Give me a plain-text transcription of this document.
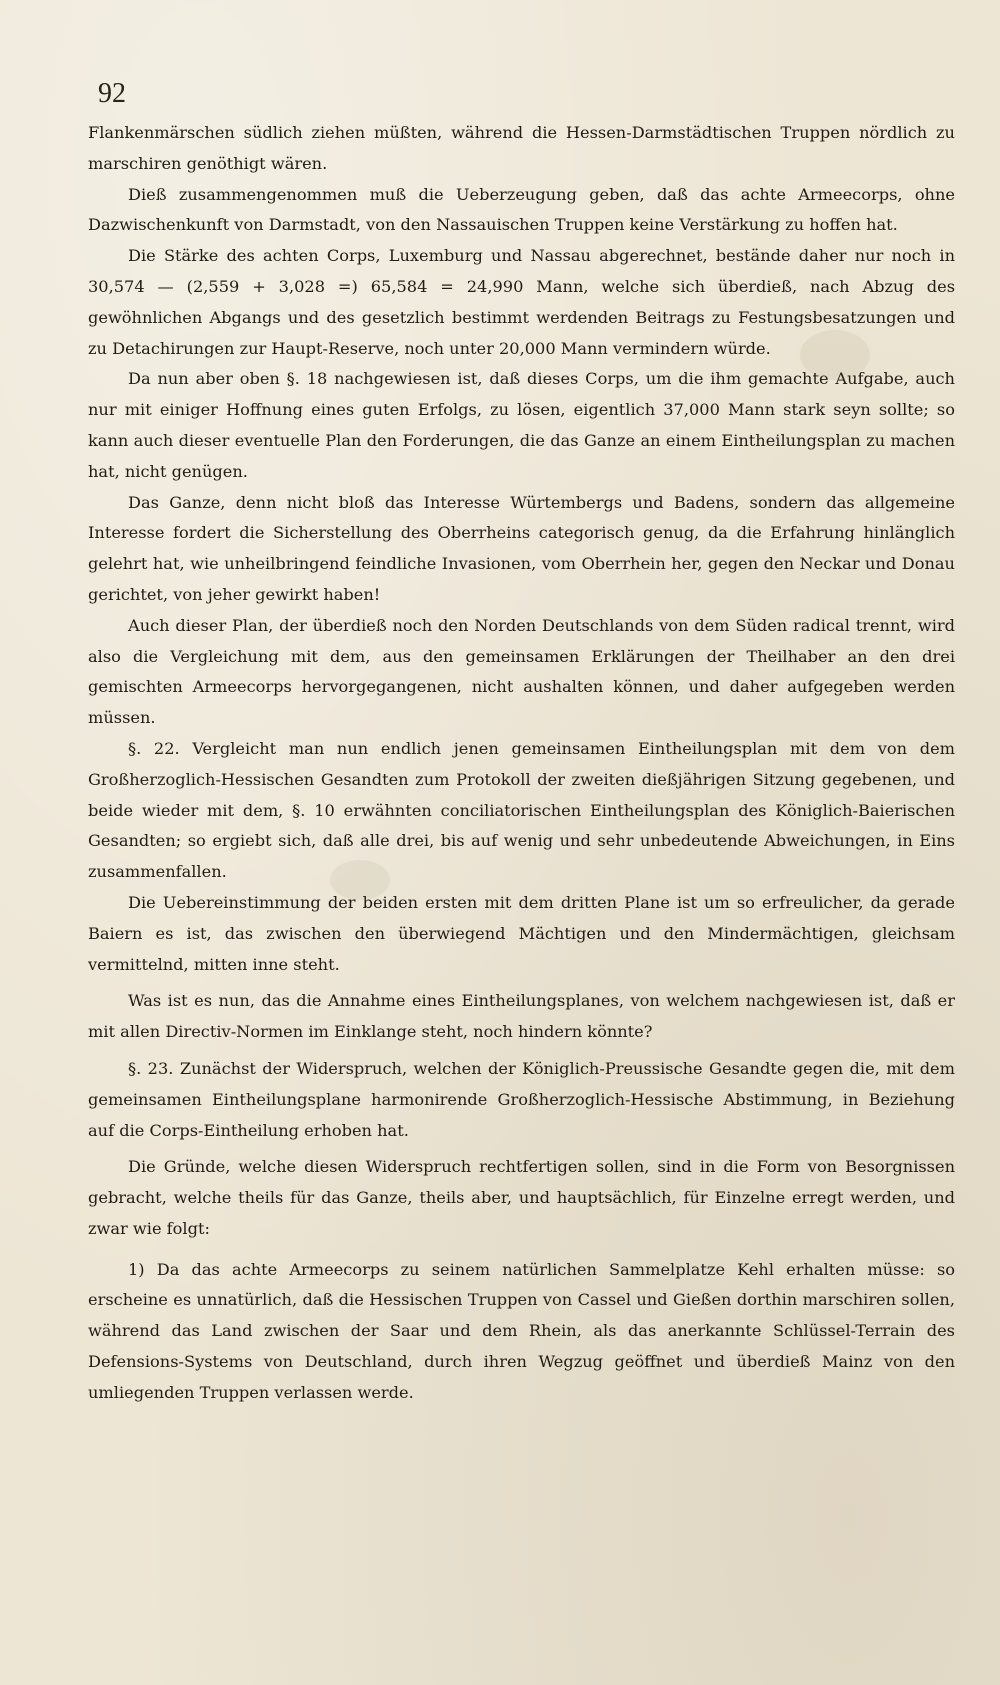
92

Flankenmärschen südlich ziehen müßten, während die Hessen-Darmstädtischen Truppen nördlich zu marschiren genöthigt wären.

Dieß zusammengenommen muß die Ueberzeugung geben, daß das achte Armeecorps, ohne Dazwischenkunft von Darmstadt, von den Nassauischen Truppen keine Verstärkung zu hoffen hat.

Die Stärke des achten Corps, Luxemburg und Nassau abgerechnet, bestände daher nur noch in 30,574 — (2,559 + 3,028 =) 65,584 = 24,990 Mann, welche sich überdieß, nach Abzug des gewöhnlichen Abgangs und des gesetzlich bestimmt werdenden Beitrags zu Festungsbesatzungen und zu Detachirungen zur Haupt-Reserve, noch unter 20,000 Mann vermindern würde.

Da nun aber oben §. 18 nachgewiesen ist, daß dieses Corps, um die ihm gemachte Aufgabe, auch nur mit einiger Hoffnung eines guten Erfolgs, zu lösen, eigentlich 37,000 Mann stark seyn sollte; so kann auch dieser eventuelle Plan den Forderungen, die das Ganze an einem Eintheilungsplan zu machen hat, nicht genügen.

Das Ganze, denn nicht bloß das Interesse Würtembergs und Badens, sondern das allgemeine Interesse fordert die Sicherstellung des Oberrheins categorisch genug, da die Erfahrung hinlänglich gelehrt hat, wie unheilbringend feindliche Invasionen, vom Oberrhein her, gegen den Neckar und Donau gerichtet, von jeher gewirkt haben!

Auch dieser Plan, der überdieß noch den Norden Deutschlands von dem Süden radical trennt, wird also die Vergleichung mit dem, aus den gemeinsamen Erklärungen der Theilhaber an den drei gemischten Armeecorps hervorgegangenen, nicht aushalten können, und daher aufgegeben werden müssen.

§. 22. Vergleicht man nun endlich jenen gemeinsamen Eintheilungsplan mit dem von dem Großherzoglich-Hessischen Gesandten zum Protokoll der zweiten dießjährigen Sitzung gegebenen, und beide wieder mit dem, §. 10 erwähnten conciliatorischen Eintheilungsplan des Königlich-Baierischen Gesandten; so ergiebt sich, daß alle drei, bis auf wenig und sehr unbedeutende Abweichungen, in Eins zusammenfallen.

Die Uebereinstimmung der beiden ersten mit dem dritten Plane ist um so erfreulicher, da gerade Baiern es ist, das zwischen den überwiegend Mächtigen und den Mindermächtigen, gleichsam vermittelnd, mitten inne steht.

Was ist es nun, das die Annahme eines Eintheilungsplanes, von welchem nachgewiesen ist, daß er mit allen Directiv-Normen im Einklange steht, noch hindern könnte?

§. 23. Zunächst der Widerspruch, welchen der Königlich-Preussische Gesandte gegen die, mit dem gemeinsamen Eintheilungsplane harmonirende Großherzoglich-Hessische Abstimmung, in Beziehung auf die Corps-Eintheilung erhoben hat.

Die Gründe, welche diesen Widerspruch rechtfertigen sollen, sind in die Form von Besorgnissen gebracht, welche theils für das Ganze, theils aber, und hauptsächlich, für Einzelne erregt werden, und zwar wie folgt:

1) Da das achte Armeecorps zu seinem natürlichen Sammelplatze Kehl erhalten müsse: so erscheine es unnatürlich, daß die Hessischen Truppen von Cassel und Gießen dorthin marschiren sollen, während das Land zwischen der Saar und dem Rhein, als das anerkannte Schlüssel-Terrain des Defensions-Systems von Deutschland, durch ihren Wegzug geöffnet und überdieß Mainz von den umliegenden Truppen verlassen werde.
